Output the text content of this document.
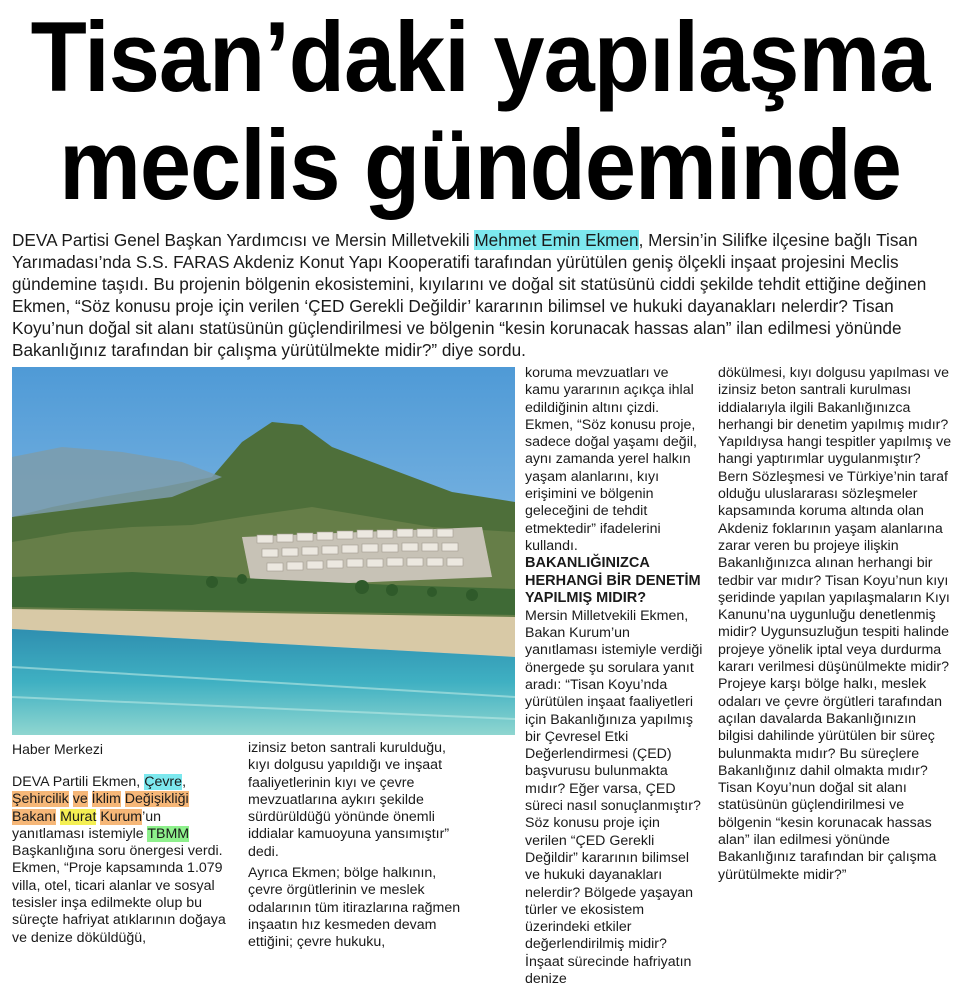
Tisan’daki yapılaşma
meclis gündeminde

DEVA Partisi Genel Başkan Yardımcısı ve Mersin Milletvekili Mehmet Emin Ekmen, Mersin’in Silifke ilçesine bağlı Tisan Yarımadası’nda S.S. FARAS Akdeniz Konut Yapı Kooperatifi tarafından yürütülen geniş ölçekli inşaat projesini Meclis gündemine taşıdı. Bu projenin bölgenin ekosistemini, kıyılarını ve doğal sit statüsünü ciddi şekilde tehdit ettiğine değinen Ekmen, “Söz konusu proje için verilen ‘ÇED Gerekli Değildir’ kararının bilimsel ve hukuki dayanakları nelerdir? Tisan Koyu’nun doğal sit alanı statüsünün güçlendirilmesi ve bölgenin “kesin korunacak hassas alan” ilan edilmesi yönünde Bakanlığınız tarafından bir çalışma yürütülmekte midir?” diye sordu.

Haber Merkezi

DEVA Partili Ekmen, Çevre, Şehircilik ve İklim Değişikliği Bakanı Murat Kurum’un yanıtlaması istemiyle TBMM Başkanlığına soru önergesi verdi. Ekmen, “Proje kapsamında 1.079 villa, otel, ticari alanlar ve sosyal tesisler inşa edilmekte olup bu süreçte hafriyat atıklarının doğaya ve denize döküldüğü,

izinsiz beton santrali kurulduğu, kıyı dolgusu yapıldığı ve inşaat faaliyetlerinin kıyı ve çevre mevzuatlarına aykırı şekilde sürdürüldüğü yönünde önemli iddialar kamuoyuna yansımıştır” dedi.

Ayrıca Ekmen; bölge halkının, çevre örgütlerinin ve meslek odalarının tüm itirazlarına rağmen inşaatın hız kesmeden devam ettiğini; çevre hukuku,

koruma mevzuatları ve kamu yararının açıkça ihlal edildiğinin altını çizdi. Ekmen, “Söz konusu proje, sadece doğal yaşamı değil, aynı zamanda yerel halkın yaşam alanlarını, kıyı erişimini ve bölgenin geleceğini de tehdit etmektedir” ifadelerini kullandı.

BAKANLIĞINIZCA HERHANGİ BİR DENETİM YAPILMIŞ MIDIR?

Mersin Milletvekili Ekmen, Bakan Kurum’un yanıtlaması istemiyle verdiği önergede şu sorulara yanıt aradı: “Tisan Koyu’nda yürütülen inşaat faaliyetleri için Bakanlığınıza yapılmış bir Çevresel Etki Değerlendirmesi (ÇED) başvurusu bulunmakta mıdır? Eğer varsa, ÇED süreci nasıl sonuçlanmıştır? Söz konusu proje için verilen “ÇED Gerekli Değildir” kararının bilimsel ve hukuki dayanakları nelerdir? Bölgede yaşayan türler ve ekosistem üzerindeki etkiler değerlendirilmiş midir? İnşaat sürecinde hafriyatın denize

dökülmesi, kıyı dolgusu yapılması ve izinsiz beton santrali kurulması iddialarıyla ilgili Bakanlığınızca herhangi bir denetim yapılmış mıdır? Yapıldıysa hangi tespitler yapılmış ve hangi yaptırımlar uygulanmıştır? Bern Sözleşmesi ve Türkiye’nin taraf olduğu uluslararası sözleşmeler kapsamında koruma altında olan Akdeniz foklarının yaşam alanlarına zarar veren bu projeye ilişkin Bakanlığınızca alınan herhangi bir tedbir var mıdır? Tisan Koyu’nun kıyı şeridinde yapılan yapılaşmaların Kıyı Kanunu’na uygunluğu denetlenmiş midir? Uygunsuzluğun tespiti halinde projeye yönelik iptal veya durdurma kararı verilmesi düşünülmekte midir? Projeye karşı bölge halkı, meslek odaları ve çevre örgütleri tarafından açılan davalarda Bakanlığınızın bilgisi dahilinde yürütülen bir süreç bulunmakta mıdır? Bu süreçlere Bakanlığınız dahil olmakta mıdır? Tisan Koyu’nun doğal sit alanı statüsünün güçlendirilmesi ve bölgenin “kesin korunacak hassas alan” ilan edilmesi yönünde Bakanlığınız tarafından bir çalışma yürütülmekte midir?”
